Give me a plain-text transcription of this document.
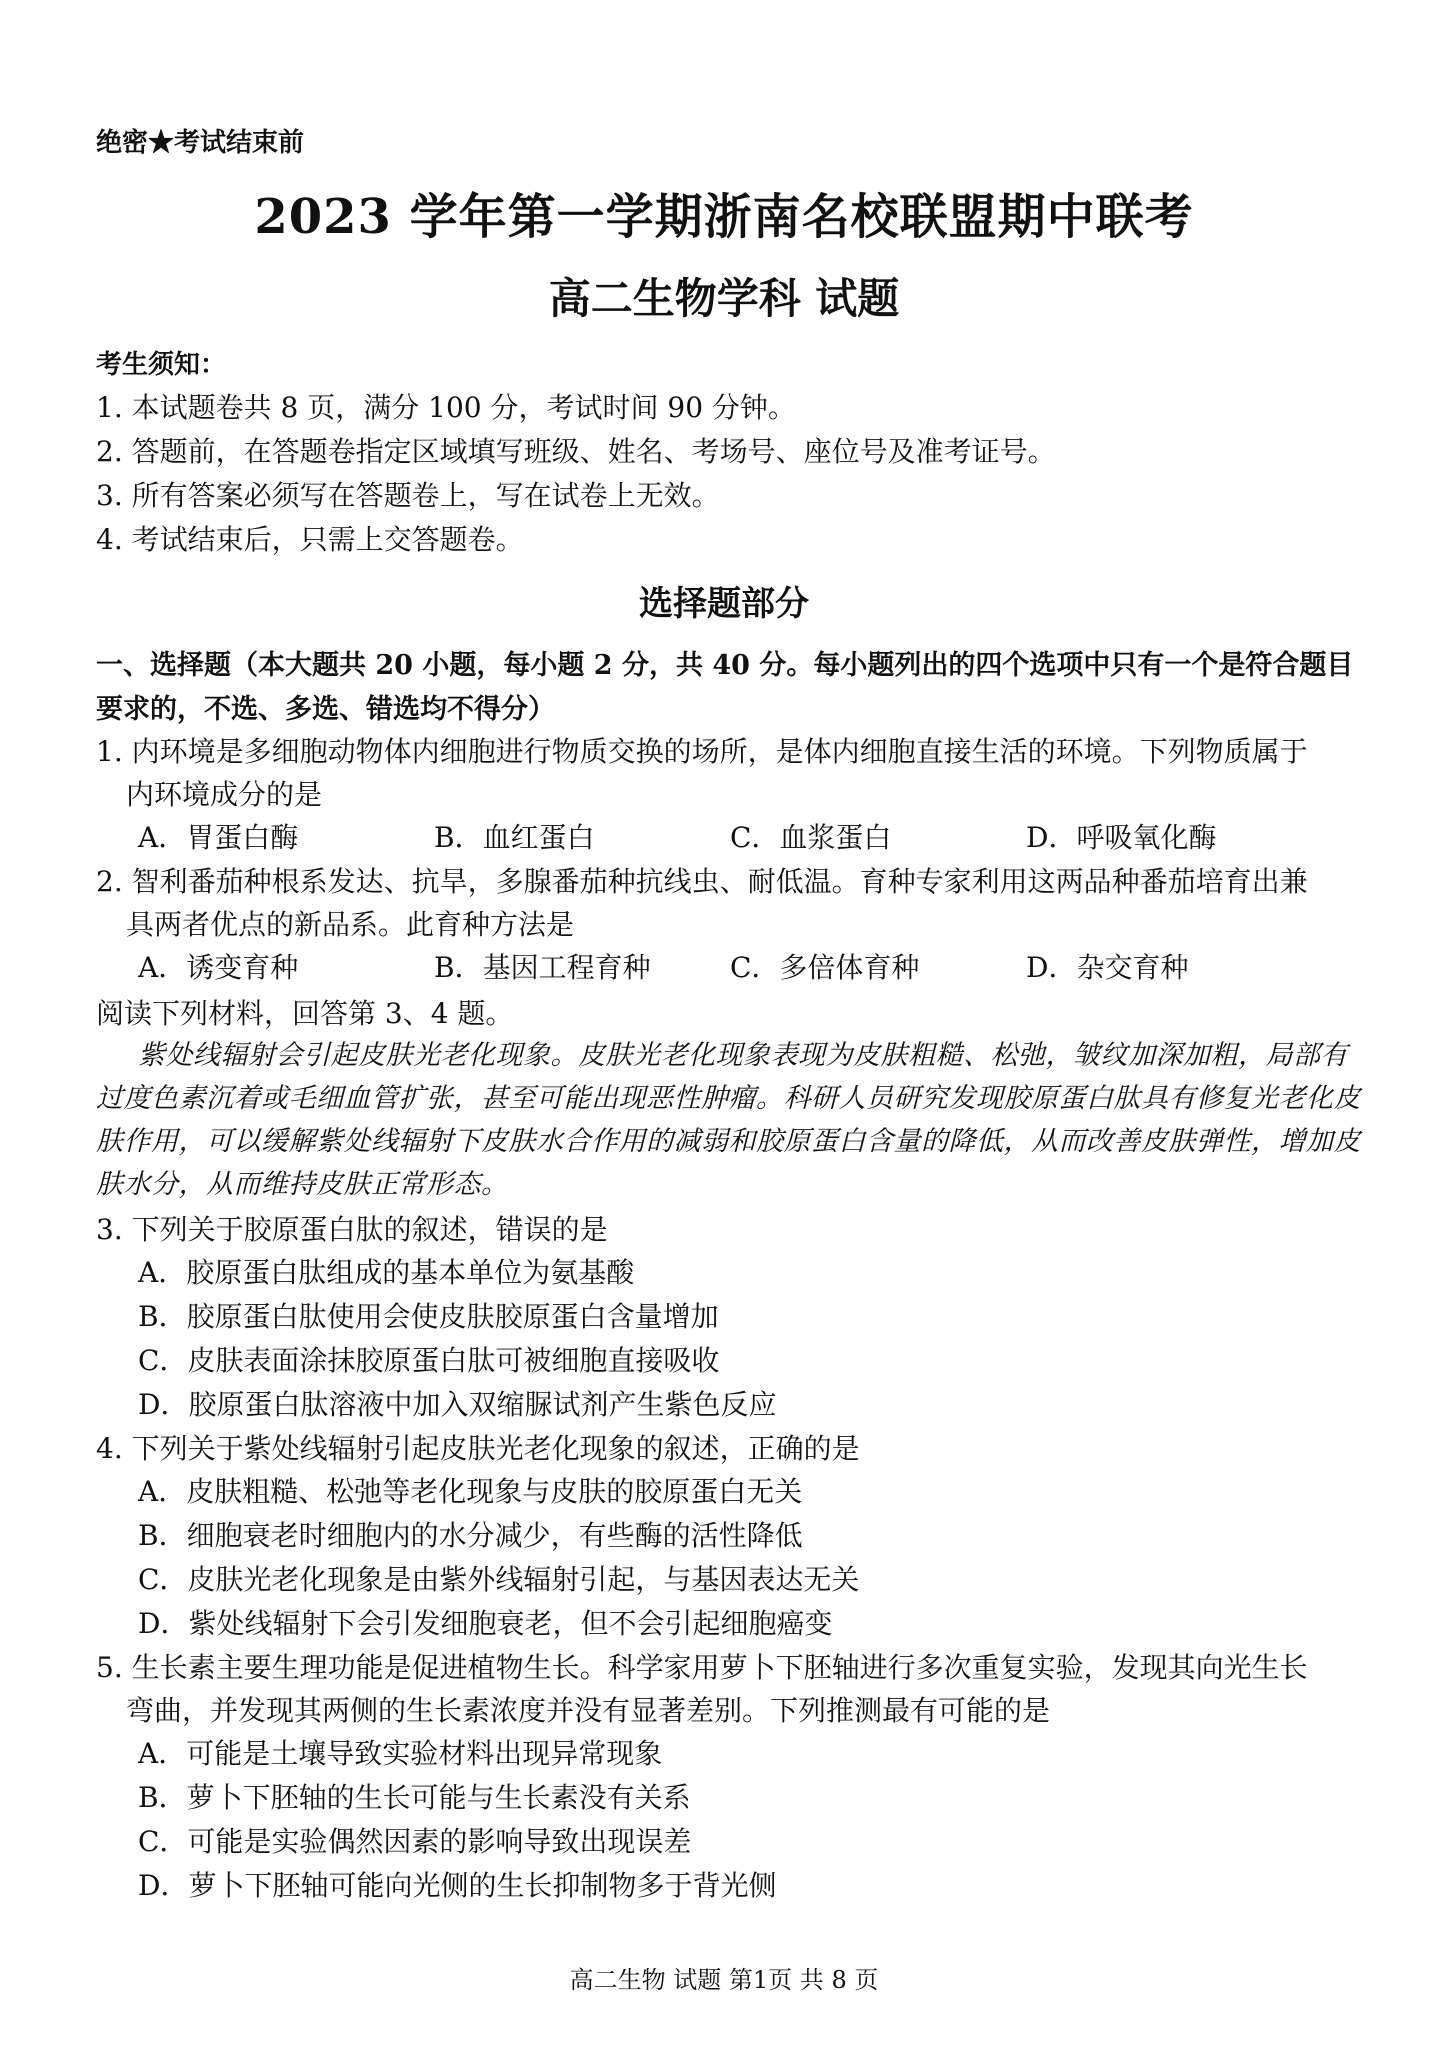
绝密★考试结束前
2023 学年第一学期浙南名校联盟期中联考
高二生物学科 试题
考生须知：
1. 本试题卷共 8 页，满分 100 分，考试时间 90 分钟。
2. 答题前，在答题卷指定区域填写班级、姓名、考场号、座位号及准考证号。
3. 所有答案必须写在答题卷上，写在试卷上无效。
4. 考试结束后，只需上交答题卷。
选择题部分
一、选择题（本大题共 20 小题，每小题 2 分，共 40 分。每小题列出的四个选项中只有一个是符合题目要求的，不选、多选、错选均不得分）
1. 内环境是多细胞动物体内细胞进行物质交换的场所，是体内细胞直接生活的环境。下列物质属于
内环境成分的是
A．胃蛋白酶	B．血红蛋白	C．血浆蛋白	D．呼吸氧化酶
2. 智利番茄种根系发达、抗旱，多腺番茄种抗线虫、耐低温。育种专家利用这两品种番茄培育出兼
具两者优点的新品系。此育种方法是
A．诱变育种	B．基因工程育种	C．多倍体育种	D．杂交育种
阅读下列材料，回答第 3、4 题。
紫处线辐射会引起皮肤光老化现象。皮肤光老化现象表现为皮肤粗糙、松弛，皱纹加深加粗，局部有过度色素沉着或毛细血管扩张，甚至可能出现恶性肿瘤。科研人员研究发现胶原蛋白肽具有修复光老化皮肤作用，可以缓解紫处线辐射下皮肤水合作用的减弱和胶原蛋白含量的降低，从而改善皮肤弹性，增加皮肤水分，从而维持皮肤正常形态。
3. 下列关于胶原蛋白肽的叙述，错误的是
A．胶原蛋白肽组成的基本单位为氨基酸
B．胶原蛋白肽使用会使皮肤胶原蛋白含量增加
C．皮肤表面涂抹胶原蛋白肽可被细胞直接吸收
D．胶原蛋白肽溶液中加入双缩脲试剂产生紫色反应
4. 下列关于紫处线辐射引起皮肤光老化现象的叙述，正确的是
A．皮肤粗糙、松弛等老化现象与皮肤的胶原蛋白无关
B．细胞衰老时细胞内的水分减少，有些酶的活性降低
C．皮肤光老化现象是由紫外线辐射引起，与基因表达无关
D．紫处线辐射下会引发细胞衰老，但不会引起细胞癌变
5. 生长素主要生理功能是促进植物生长。科学家用萝卜下胚轴进行多次重复实验，发现其向光生长
弯曲，并发现其两侧的生长素浓度并没有显著差别。下列推测最有可能的是
A．可能是土壤导致实验材料出现异常现象
B．萝卜下胚轴的生长可能与生长素没有关系
C．可能是实验偶然因素的影响导致出现误差
D．萝卜下胚轴可能向光侧的生长抑制物多于背光侧
高二生物 试题 第1页 共 8 页
